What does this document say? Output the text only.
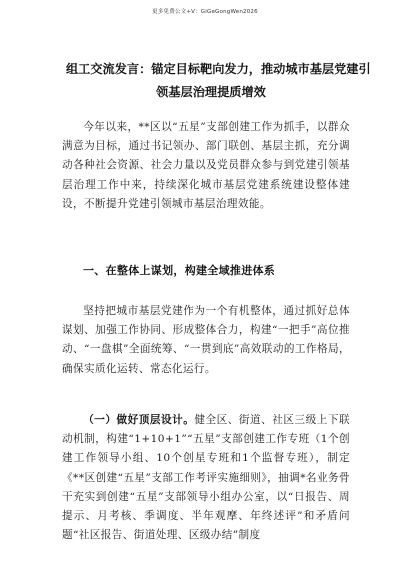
更多免费公文+V：GiGeGongWen2026
组工交流发言：锚定目标靶向发力，推动城市基层党建引
领基层治理提质增效
今年以来，**区以“五星”支部创建工作为抓手，以群众满意为目标，通过书记领办、部门联创、基层主抓，充分调动各种社会资源、社会力量以及党员群众参与到党建引领基层治理工作中来，持续深化城市基层党建系统建设整体建设，不断提升党建引领城市基层治理效能。
一、在整体上谋划，构建全域推进体系
坚持把城市基层党建作为一个有机整体，通过抓好总体谋划、加强工作协同、形成整体合力，构建“一把手”高位推动、“一盘棋”全面统筹、“一贯到底”高效联动的工作格局，确保实质化运转、常态化运行。
（一）做好顶层设计。健全区、街道、社区三级上下联动机制，构建“1+10+1”“五星”支部创建工作专班（1个创建工作领导小组、10个创星专班和1个监督专班），制定《**区创建“五星”支部工作考评实施细则》，抽调*名业务骨干充实到创建“五星”支部领导小组办公室，以“日报告、周提示、月考核、季调度、半年观摩、年终述评”和矛盾问题“社区报告、街道处理、区级办结”制度
